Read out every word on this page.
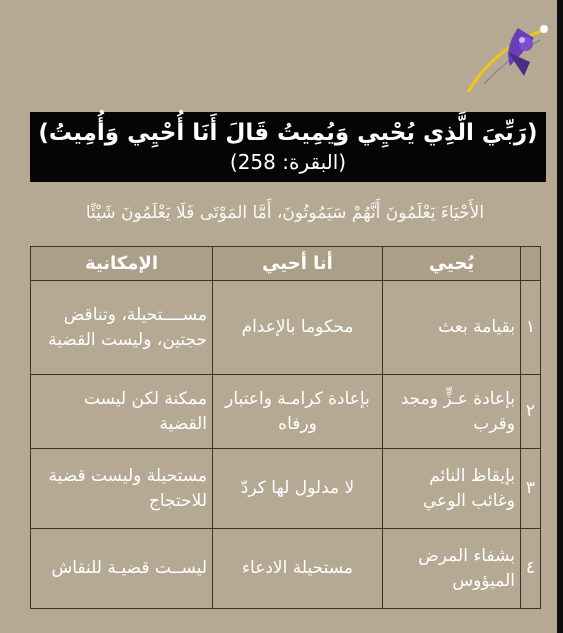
(رَبِّيَ الَّذِي يُحْيِي وَيُمِيتُ قَالَ أَنَا أُحْيِي وَأُمِيتُ)
(البقرة: 258)
الأَحْيَاءَ يَعْلَمُونَ أَنَّهُمْ سَيَمُوتُونَ، أَمَّا المَوْتَى فَلَا يَعْلَمُونَ شَيْئًا
	يُحيي	أنا أحيي	الإمكانية
١	بقيامة بعث	محكوما بالإعدام	مســــتحيلة، وتناقض حجتين، وليست القضية
٢	بإعادة عـزٍّ ومجد وقرب	بإعادة كرامـة واعتبار ورفاه	ممكنة لكن ليست القضية
٣	بإيقاظ النائم وغائب الوعي	لا مدلول لها كردّ	مستحيلة وليست قضية للاحتجاج
٤	بشفاء المرض الميؤوس	مستحيلة الادعاء	ليســت قضيـة للنقاش
